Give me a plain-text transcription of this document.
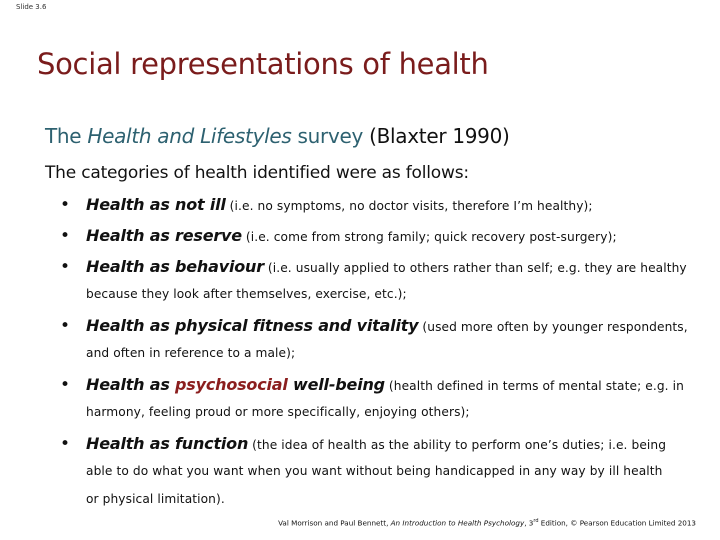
Slide 3.6
Social representations of health
The Health and Lifestyles survey (Blaxter 1990)
The categories of health identified were as follows:
• Health as not ill (i.e. no symptoms, no doctor visits, therefore I’m healthy);
• Health as reserve (i.e. come from strong family; quick recovery post-surgery);
• Health as behaviour (i.e. usually applied to others rather than self; e.g. they are healthy
because they look after themselves, exercise, etc.);
• Health as physical fitness and vitality (used more often by younger respondents,
and often in reference to a male);
• Health as psychosocial well-being (health defined in terms of mental state; e.g. in
harmony, feeling proud or more specifically, enjoying others);
• Health as function (the idea of health as the ability to perform one’s duties; i.e. being
able to do what you want when you want without being handicapped in any way by ill health
or physical limitation).
Val Morrison and Paul Bennett, An Introduction to Health Psychology, 3rd Edition, © Pearson Education Limited 2013
